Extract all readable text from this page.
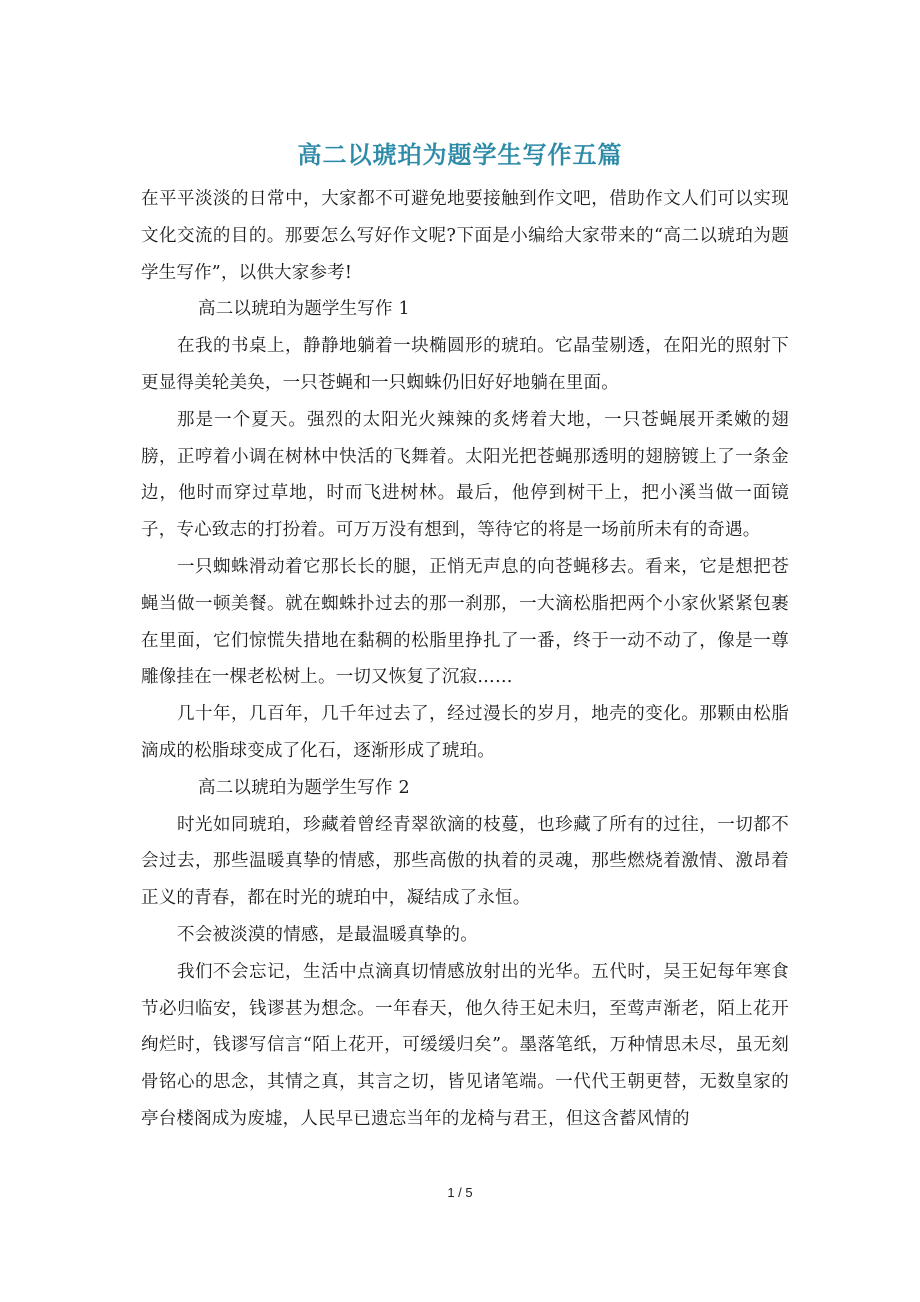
高二以琥珀为题学生写作五篇

在平平淡淡的日常中，大家都不可避免地要接触到作文吧，借助作文人们可以实现文化交流的目的。那要怎么写好作文呢?下面是小编给大家带来的“高二以琥珀为题学生写作”，以供大家参考!

高二以琥珀为题学生写作 1

在我的书桌上，静静地躺着一块椭圆形的琥珀。它晶莹剔透，在阳光的照射下更显得美轮美奂，一只苍蝇和一只蜘蛛仍旧好好地躺在里面。

那是一个夏天。强烈的太阳光火辣辣的炙烤着大地，一只苍蝇展开柔嫩的翅膀，正哼着小调在树林中快活的飞舞着。太阳光把苍蝇那透明的翅膀镀上了一条金边，他时而穿过草地，时而飞进树林。最后，他停到树干上，把小溪当做一面镜子，专心致志的打扮着。可万万没有想到，等待它的将是一场前所未有的奇遇。

一只蜘蛛滑动着它那长长的腿，正悄无声息的向苍蝇移去。看来，它是想把苍蝇当做一顿美餐。就在蜘蛛扑过去的那一刹那，一大滴松脂把两个小家伙紧紧包裹在里面，它们惊慌失措地在黏稠的松脂里挣扎了一番，终于一动不动了，像是一尊雕像挂在一棵老松树上。一切又恢复了沉寂……

几十年，几百年，几千年过去了，经过漫长的岁月，地壳的变化。那颗由松脂滴成的松脂球变成了化石，逐渐形成了琥珀。

高二以琥珀为题学生写作 2

时光如同琥珀，珍藏着曾经青翠欲滴的枝蔓，也珍藏了所有的过往，一切都不会过去，那些温暖真挚的情感，那些高傲的执着的灵魂，那些燃烧着激情、激昂着正义的青春，都在时光的琥珀中，凝结成了永恒。

不会被淡漠的情感，是最温暖真挚的。

我们不会忘记，生活中点滴真切情感放射出的光华。五代时，吴王妃每年寒食节必归临安，钱谬甚为想念。一年春天，他久待王妃未归，至莺声渐老，陌上花开绚烂时，钱谬写信言“陌上花开，可缓缓归矣”。墨落笔纸，万种情思未尽，虽无刻骨铭心的思念，其情之真，其言之切，皆见诸笔端。一代代王朝更替，无数皇家的亭台楼阁成为废墟，人民早已遗忘当年的龙椅与君王，但这含蓄风情的

1 / 5
